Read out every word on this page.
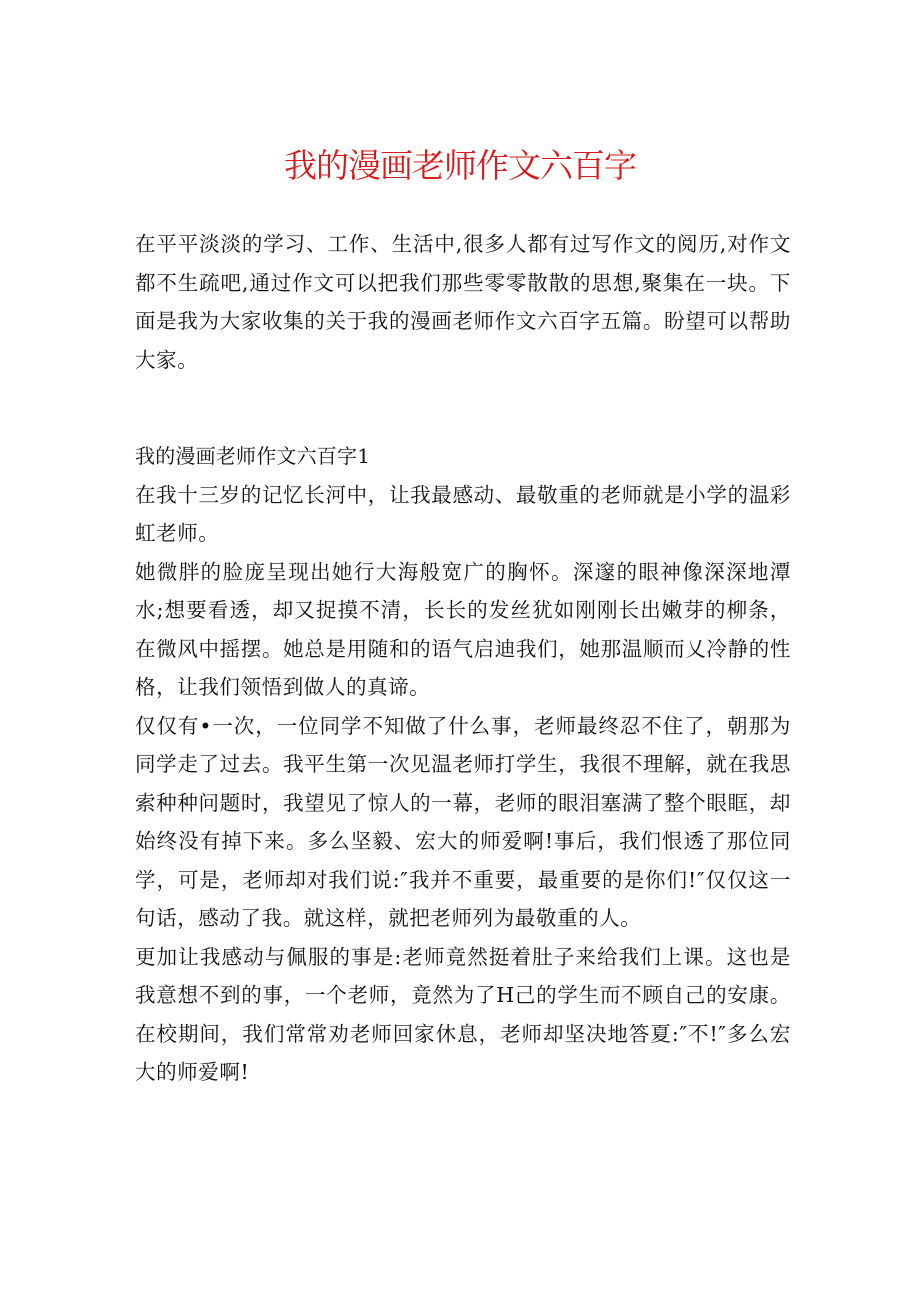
我的漫画老师作文六百字

在平平淡淡的学习、工作、生活中,很多人都有过写作文的阅历,对作文都不生疏吧,通过作文可以把我们那些零零散散的思想,聚集在一块。下面是我为大家收集的关于我的漫画老师作文六百字五篇。盼望可以帮助大家。

我的漫画老师作文六百字1

在我十三岁的记忆长河中，让我最感动、最敬重的老师就是小学的温彩虹老师。

她微胖的脸庞呈现出她行大海般宽广的胸怀。深邃的眼神像深深地潭水;想要看透，却又捉摸不清，长长的发丝犹如刚刚长出嫩芽的柳条，在微风中摇摆。她总是用随和的语气启迪我们，她那温顺而乂冷静的性格，让我们领悟到做人的真谛。

仅仅有•一次，一位同学不知做了什么事，老师最终忍不住了，朝那为同学走了过去。我平生第一次见温老师打学生，我很不理解，就在我思索种种问题时，我望见了惊人的一幕，老师的眼泪塞满了整个眼眶，却始终没有掉下来。多么坚毅、宏大的师爱啊!事后，我们恨透了那位同学，可是，老师却对我们说:″我并不重要，最重要的是你们!″仅仅这一句话，感动了我。就这样，就把老师列为最敬重的人。

更加让我感动与佩服的事是:老师竟然挺着肚子来给我们上课。这也是我意想不到的事，一个老师，竟然为了H己的学生而不顾自己的安康。在校期间，我们常常劝老师回家休息，老师却坚决地答夏:″不!″多么宏大的师爱啊!
